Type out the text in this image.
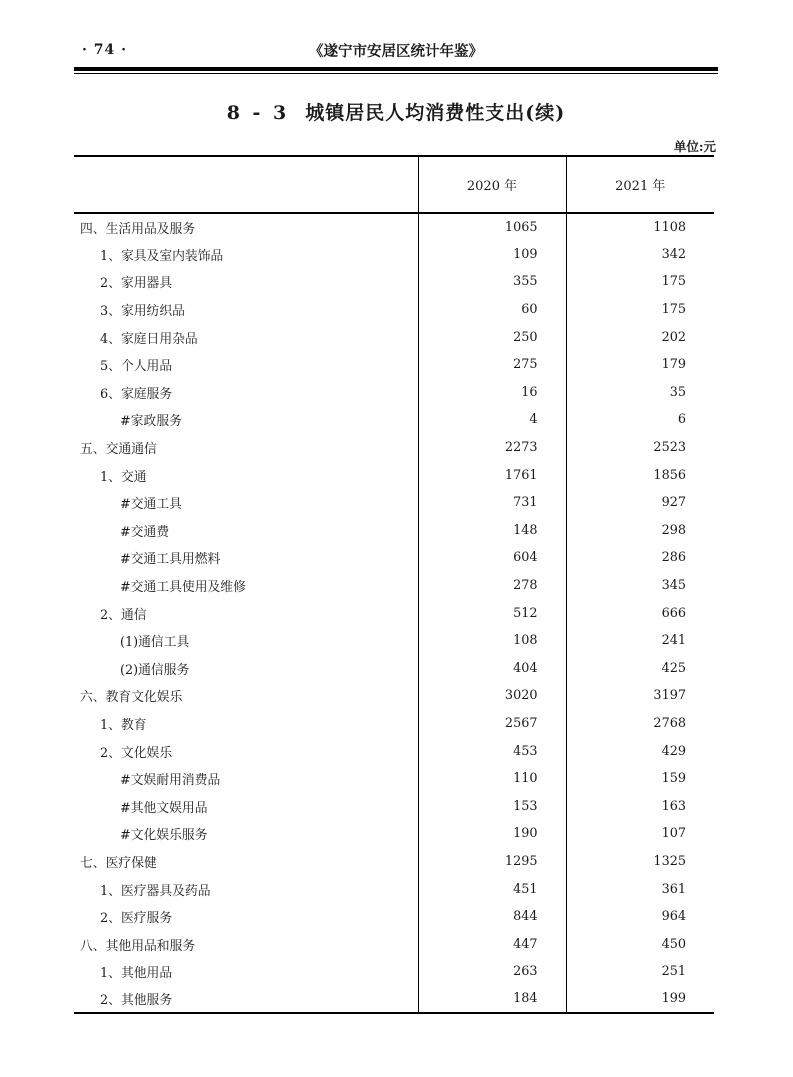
· 74 ·	《遂宁市安居区统计年鉴》
8 - 3 城镇居民人均消费性支出(续)
单位:元
	2020 年	2021 年
四、生活用品及服务	1065	1108
1、家具及室内装饰品	109	342
2、家用器具	355	175
3、家用纺织品	60	175
4、家庭日用杂品	250	202
5、个人用品	275	179
6、家庭服务	16	35
#家政服务	4	6
五、交通通信	2273	2523
1、交通	1761	1856
#交通工具	731	927
#交通费	148	298
#交通工具用燃料	604	286
#交通工具使用及维修	278	345
2、通信	512	666
(1)通信工具	108	241
(2)通信服务	404	425
六、教育文化娱乐	3020	3197
1、教育	2567	2768
2、文化娱乐	453	429
#文娱耐用消费品	110	159
#其他文娱用品	153	163
#文化娱乐服务	190	107
七、医疗保健	1295	1325
1、医疗器具及药品	451	361
2、医疗服务	844	964
八、其他用品和服务	447	450
1、其他用品	263	251
2、其他服务	184	199
